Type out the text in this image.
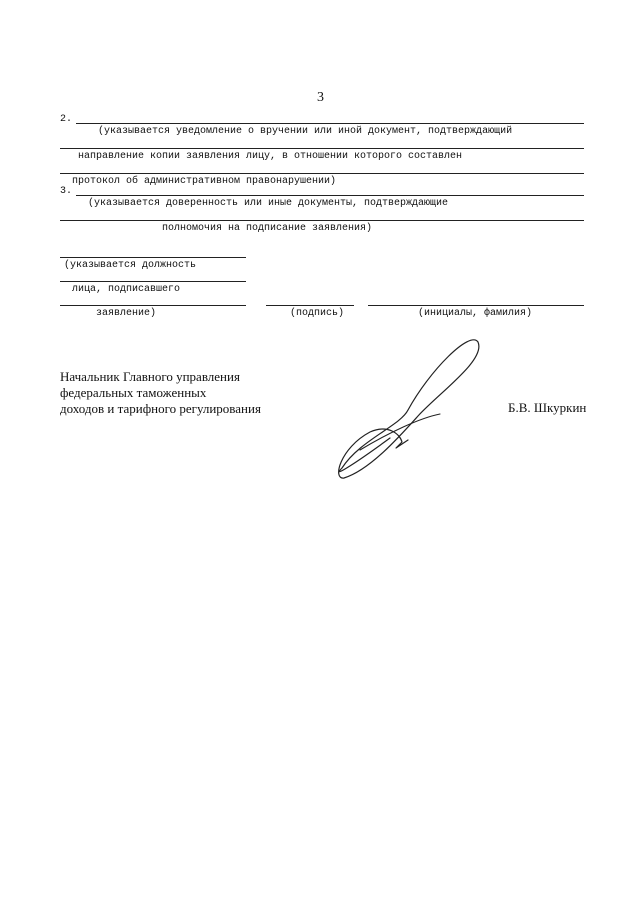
3
2.
(указывается уведомление о вручении или иной документ, подтверждающий
направление копии заявления лицу, в отношении которого составлен
протокол об административном правонарушении)
3.
(указывается доверенность или иные документы, подтверждающие
полномочия на подписание заявления)
(указывается должность
лица, подписавшего
заявление)	(подпись)	(инициалы, фамилия)
Начальник Главного управления
федеральных таможенных
доходов и тарифного регулирования	Б.В. Шкуркин
